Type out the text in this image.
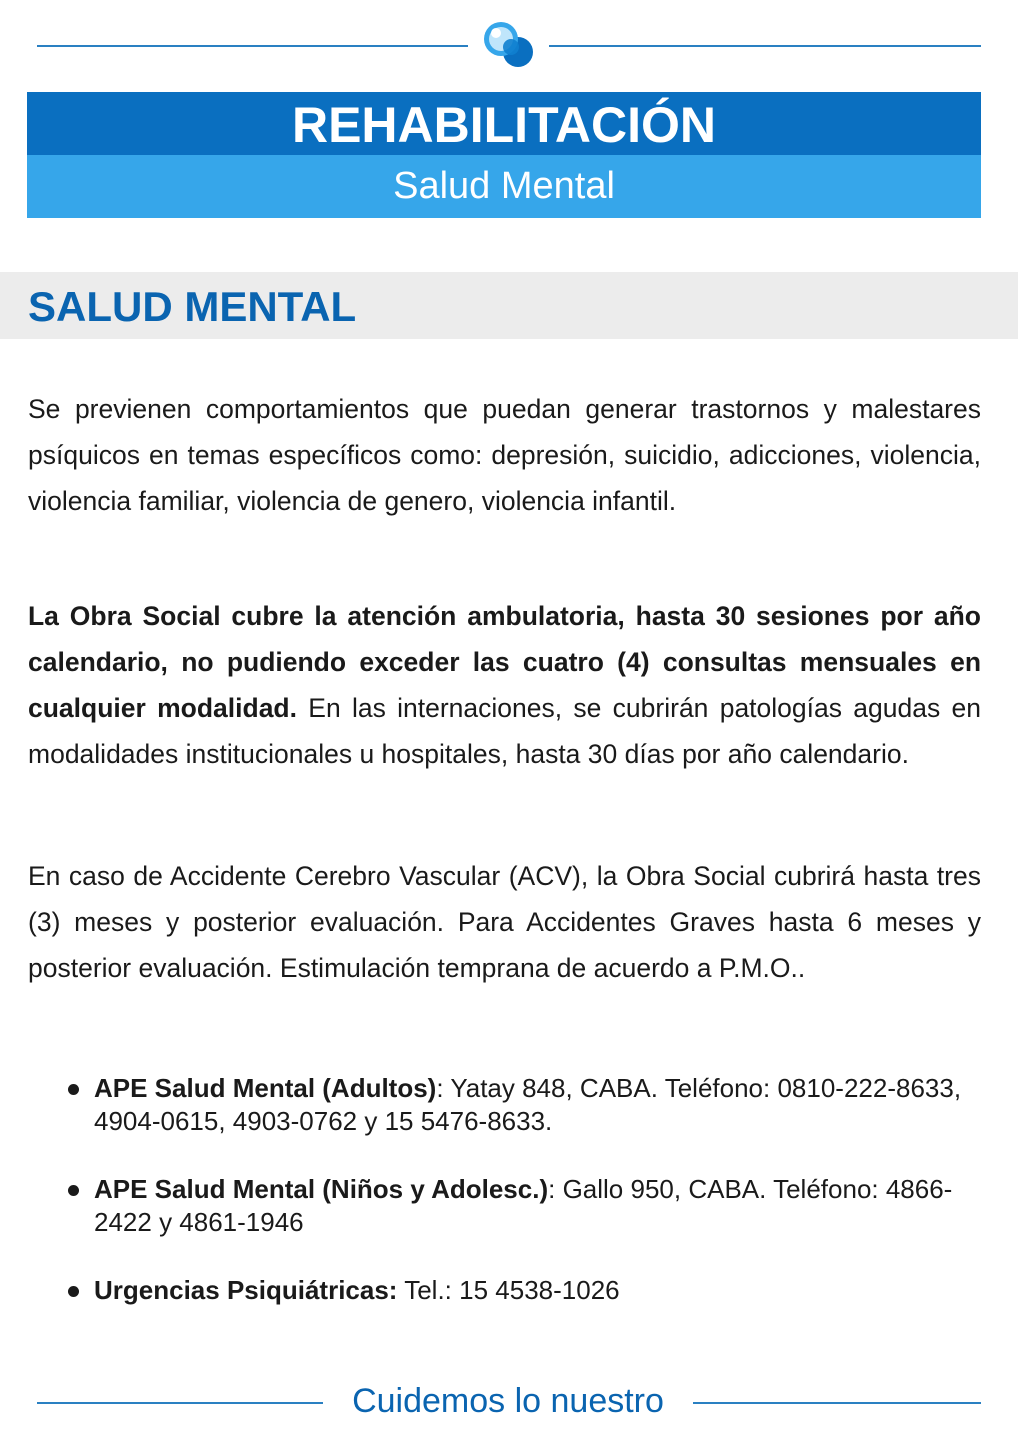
REHABILITACIÓN
Salud Mental
SALUD MENTAL

Se previenen comportamientos que puedan generar trastornos y malestares psíquicos en temas específicos como: depresión, suicidio, adicciones, violencia, violencia familiar, violencia de genero, violencia infantil.

La Obra Social cubre la atención ambulatoria, hasta 30 sesiones por año calendario, no pudiendo exceder las cuatro (4) consultas mensuales en cualquier modalidad. En las internaciones, se cubrirán patologías agudas en modalidades institucionales u hospitales, hasta 30 días por año calendario.

En caso de Accidente Cerebro Vascular (ACV), la Obra Social cubrirá hasta tres (3) meses y posterior evaluación. Para Accidentes Graves hasta 6 meses y posterior evaluación. Estimulación temprana de acuerdo a P.M.O..

APE Salud Mental (Adultos): Yatay 848, CABA. Teléfono: 0810-222-8633, 4904-0615, 4903-0762 y 15 5476-8633.
APE Salud Mental (Niños y Adolesc.): Gallo 950, CABA. Teléfono: 4866-2422 y 4861-1946
Urgencias Psiquiátricas: Tel.: 15 4538-1026
Cuidemos lo nuestro
